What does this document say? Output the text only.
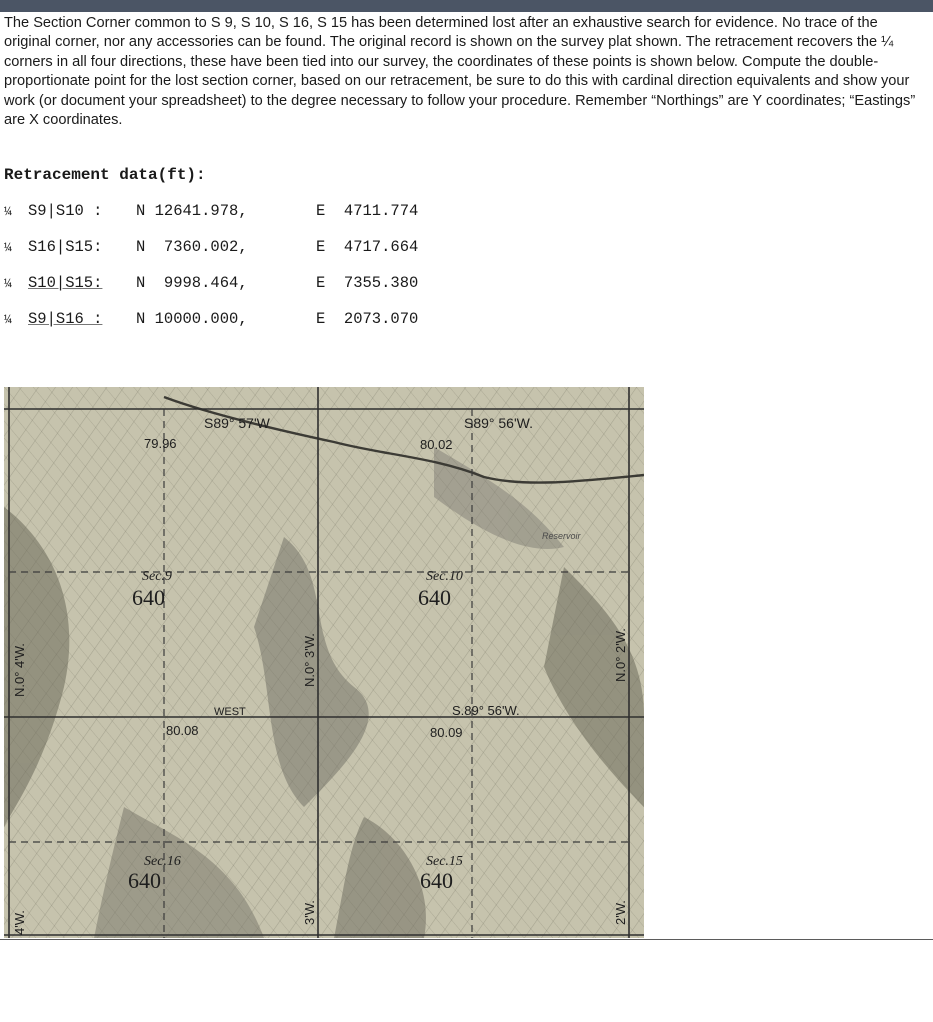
The Section Corner common to S 9, S 10, S 16, S 15 has been determined lost after an exhaustive search for evidence. No trace of the original corner, nor any accessories can be found. The original record is shown on the survey plat shown. The retracement recovers the ¼ corners in all four directions, these have been tied into our survey, the coordinates of these points is shown below. Compute the double-proportionate point for the lost section corner, based on our retracement, be sure to do this with cardinal direction equivalents and show your work (or document your spreadsheet) to the degree necessary to follow your procedure. Remember “Northings” are Y coordinates; “Eastings” are X coordinates.

Retracement data(ft):

¼	S9|S10 :	N 12641.978,	E  4711.774
¼	S16|S15:	N  7360.002,	E  4717.664
¼	S10|S15:	N  9998.464,	E  7355.380
¼	S9|S16 :	N 10000.000,	E  2073.070
S89° 57'W
79.96
S89° 56'W.
80.02
Reservoir
Sec.9
640
Sec.10
640
WEST
80.08
S.89° 56'W.
80.09
Sec.16
640
Sec.15
640
N.0° 4'W.	N.0° 3'W.	N.0° 2'W.
4'W.	3'W.	2'W.
